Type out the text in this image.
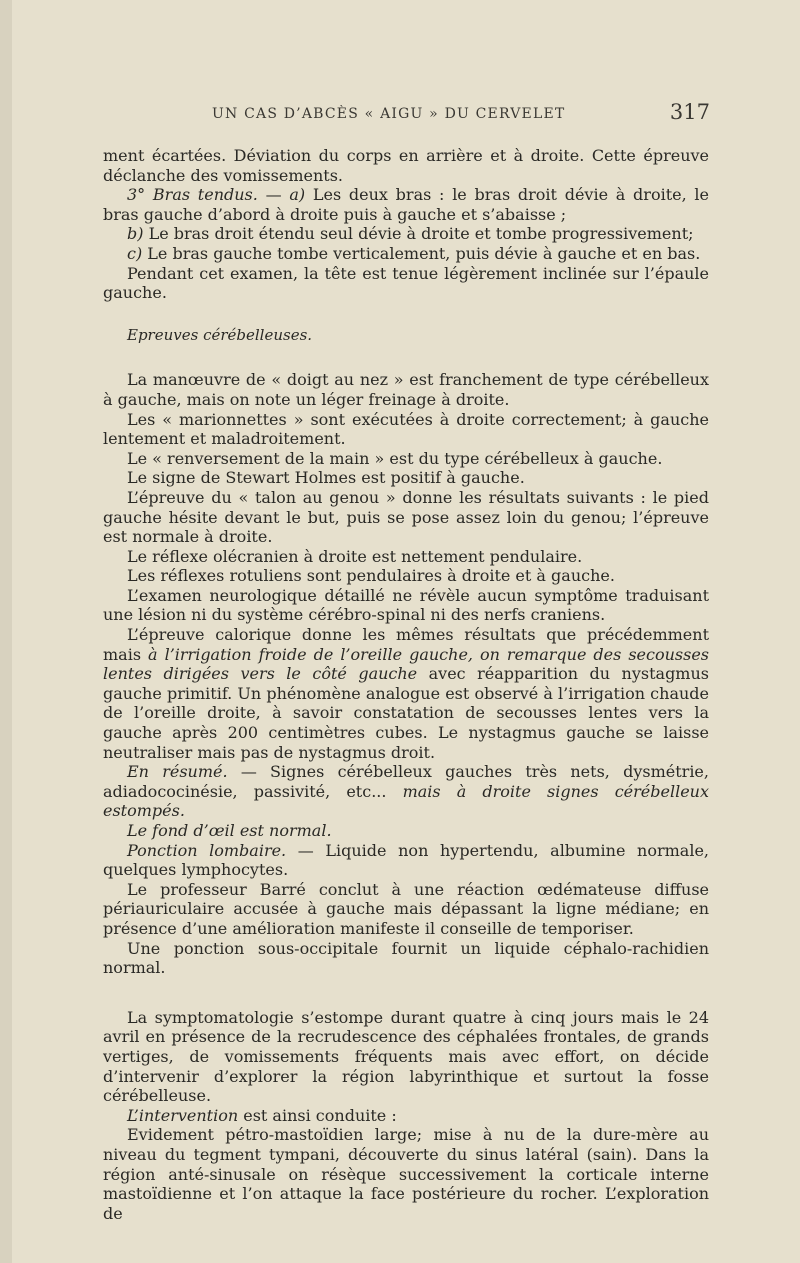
UN CAS D’ABCÈS « AIGU » DU CERVELET	317

ment écartées. Déviation du corps en arrière et à droite. Cette épreuve déclanche des vomissements.

3° Bras tendus. — a) Les deux bras : le bras droit dévie à droite, le bras gauche d’abord à droite puis à gauche et s’abaisse ;

b) Le bras droit étendu seul dévie à droite et tombe progressivement;

c) Le bras gauche tombe verticalement, puis dévie à gauche et en bas.

Pendant cet examen, la tête est tenue légèrement inclinée sur l’épaule gauche.

Epreuves cérébelleuses.

La manœuvre de « doigt au nez » est franchement de type cérébelleux à gauche, mais on note un léger freinage à droite.

Les « marionnettes » sont exécutées à droite correctement; à gauche lentement et maladroitement.

Le « renversement de la main » est du type cérébelleux à gauche.

Le signe de Stewart Holmes est positif à gauche.

L’épreuve du « talon au genou » donne les résultats suivants : le pied gauche hésite devant le but, puis se pose assez loin du genou; l’épreuve est normale à droite.

Le réflexe olécranien à droite est nettement pendulaire.

Les réflexes rotuliens sont pendulaires à droite et à gauche.

L’examen neurologique détaillé ne révèle aucun symptôme traduisant une lésion ni du système cérébro-spinal ni des nerfs craniens.

L’épreuve calorique donne les mêmes résultats que précédemment mais à l’irrigation froide de l’oreille gauche, on remarque des secousses lentes dirigées vers le côté gauche avec réapparition du nystagmus gauche primitif. Un phénomène analogue est observé à l’irrigation chaude de l’oreille droite, à savoir constatation de secousses lentes vers la gauche après 200 centimètres cubes. Le nystagmus gauche se laisse neutraliser mais pas de nystagmus droit.

En résumé. — Signes cérébelleux gauches très nets, dysmétrie, adiadococinésie, passivité, etc... mais à droite signes cérébelleux estompés.

Le fond d’œil est normal.

Ponction lombaire. — Liquide non hypertendu, albumine normale, quelques lymphocytes.

Le professeur Barré conclut à une réaction œdémateuse diffuse périauriculaire accusée à gauche mais dépassant la ligne médiane; en présence d’une amélioration manifeste il conseille de temporiser.

Une ponction sous-occipitale fournit un liquide céphalo-rachidien normal.

La symptomatologie s’estompe durant quatre à cinq jours mais le 24 avril en présence de la recrudescence des céphalées frontales, de grands vertiges, de vomissements fréquents mais avec effort, on décide d’intervenir d’explorer la région labyrinthique et surtout la fosse cérébelleuse.

L’intervention est ainsi conduite :

Evidement pétro-mastoïdien large; mise à nu de la dure-mère au niveau du tegment tympani, découverte du sinus latéral (sain). Dans la région anté-sinusale on résèque successivement la corticale interne mastoïdienne et l’on attaque la face postérieure du rocher. L’exploration de
